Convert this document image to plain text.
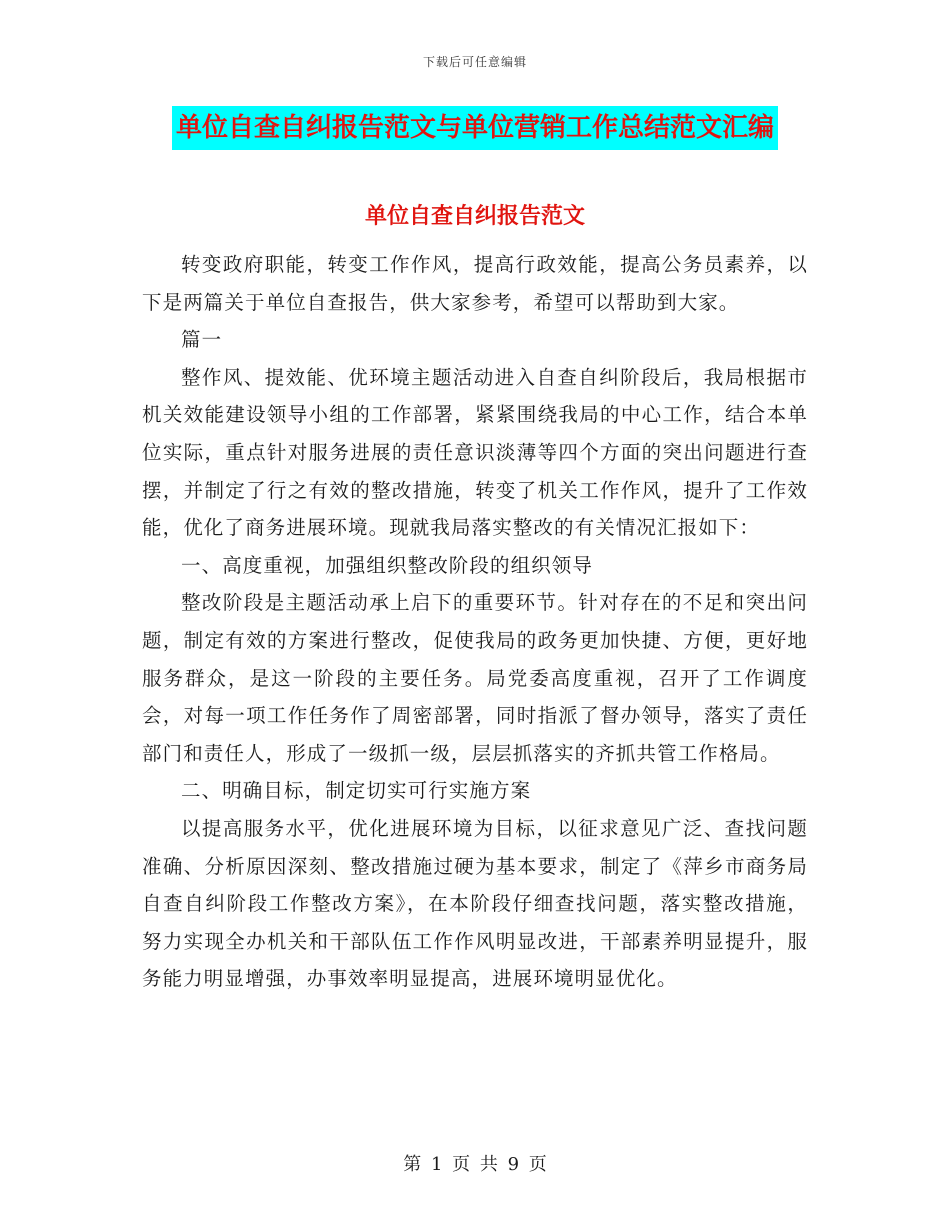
下载后可任意编辑
单位自查自纠报告范文与单位营销工作总结范文汇编
单位自查自纠报告范文

转变政府职能，转变工作作风，提高行政效能，提高公务员素养，以下是两篇关于单位自查报告，供大家参考，希望可以帮助到大家。

篇一

整作风、提效能、优环境主题活动进入自查自纠阶段后，我局根据市机关效能建设领导小组的工作部署，紧紧围绕我局的中心工作，结合本单位实际，重点针对服务进展的责任意识淡薄等四个方面的突出问题进行查摆，并制定了行之有效的整改措施，转变了机关工作作风，提升了工作效能，优化了商务进展环境。现就我局落实整改的有关情况汇报如下：

一、高度重视，加强组织整改阶段的组织领导

整改阶段是主题活动承上启下的重要环节。针对存在的不足和突出问题，制定有效的方案进行整改，促使我局的政务更加快捷、方便，更好地服务群众，是这一阶段的主要任务。局党委高度重视，召开了工作调度会，对每一项工作任务作了周密部署，同时指派了督办领导，落实了责任部门和责任人，形成了一级抓一级，层层抓落实的齐抓共管工作格局。

二、明确目标，制定切实可行实施方案

以提高服务水平，优化进展环境为目标，以征求意见广泛、查找问题准确、分析原因深刻、整改措施过硬为基本要求，制定了《萍乡市商务局自查自纠阶段工作整改方案》，在本阶段仔细查找问题，落实整改措施，努力实现全办机关和干部队伍工作作风明显改进，干部素养明显提升，服务能力明显增强，办事效率明显提高，进展环境明显优化。

第 1 页 共 9 页
